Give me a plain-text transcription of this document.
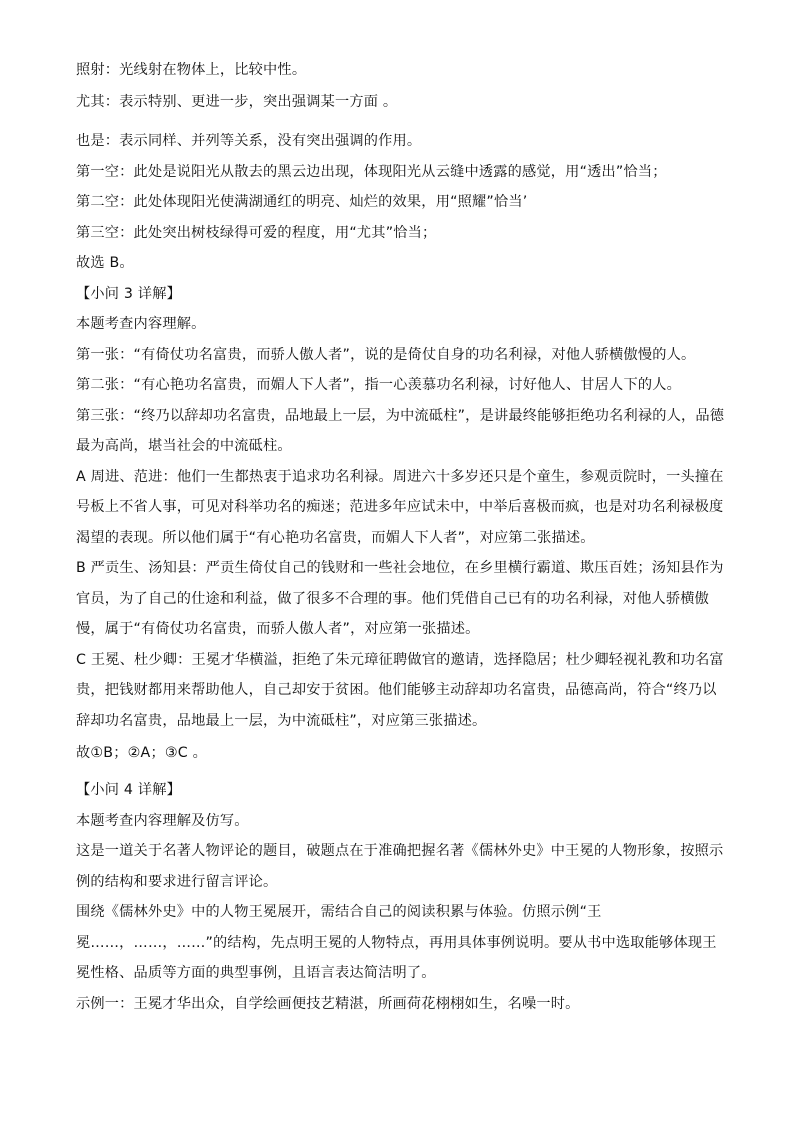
照射：光线射在物体上，比较中性。
尤其：表示特别、更进一步，突出强调某一方面 。
也是：表示同样、并列等关系，没有突出强调的作用。
第一空：此处是说阳光从散去的黑云边出现，体现阳光从云缝中透露的感觉，用“透出”恰当；
第二空：此处体现阳光使满湖通红的明亮、灿烂的效果，用“照耀”恰当’
第三空：此处突出树枝绿得可爱的程度，用“尤其”恰当；
故选 B。
【小问 3 详解】
本题考查内容理解。
第一张：“有倚仗功名富贵，而骄人傲人者”，说的是倚仗自身的功名利禄，对他人骄横傲慢的人。
第二张：“有心艳功名富贵，而媚人下人者”，指一心羡慕功名利禄，讨好他人、甘居人下的人。
第三张：“终乃以辞却功名富贵，品地最上一层，为中流砥柱”，是讲最终能够拒绝功名利禄的人，品德
最为高尚，堪当社会的中流砥柱。
A 周进、范进：他们一生都热衷于追求功名利禄。周进六十多岁还只是个童生，参观贡院时，一头撞在
号板上不省人事，可见对科举功名的痴迷；范进多年应试未中，中举后喜极而疯，也是对功名利禄极度
渴望的表现。所以他们属于“有心艳功名富贵，而媚人下人者”，对应第二张描述。
B 严贡生、汤知县：严贡生倚仗自己的钱财和一些社会地位，在乡里横行霸道、欺压百姓；汤知县作为
官员，为了自己的仕途和利益，做了很多不合理的事。他们凭借自己已有的功名利禄，对他人骄横傲
慢，属于“有倚仗功名富贵，而骄人傲人者”，对应第一张描述。
C 王冕、杜少卿：王冕才华横溢，拒绝了朱元璋征聘做官的邀请，选择隐居；杜少卿轻视礼教和功名富
贵，把钱财都用来帮助他人，自己却安于贫困。他们能够主动辞却功名富贵，品德高尚，符合“终乃以
辞却功名富贵，品地最上一层，为中流砥柱”，对应第三张描述。
故①B；②A；③C 。
【小问 4 详解】
本题考查内容理解及仿写。
这是一道关于名著人物评论的题目，破题点在于准确把握名著《儒林外史》中王冕的人物形象，按照示
例的结构和要求进行留言评论。
围绕《儒林外史》中的人物王冕展开，需结合自己的阅读积累与体验。仿照示例“王
冕……，……，……”的结构，先点明王冕的人物特点，再用具体事例说明。要从书中选取能够体现王
冕性格、品质等方面的典型事例，且语言表达简洁明了。
示例一：王冕才华出众，自学绘画便技艺精湛，所画荷花栩栩如生，名噪一时。
